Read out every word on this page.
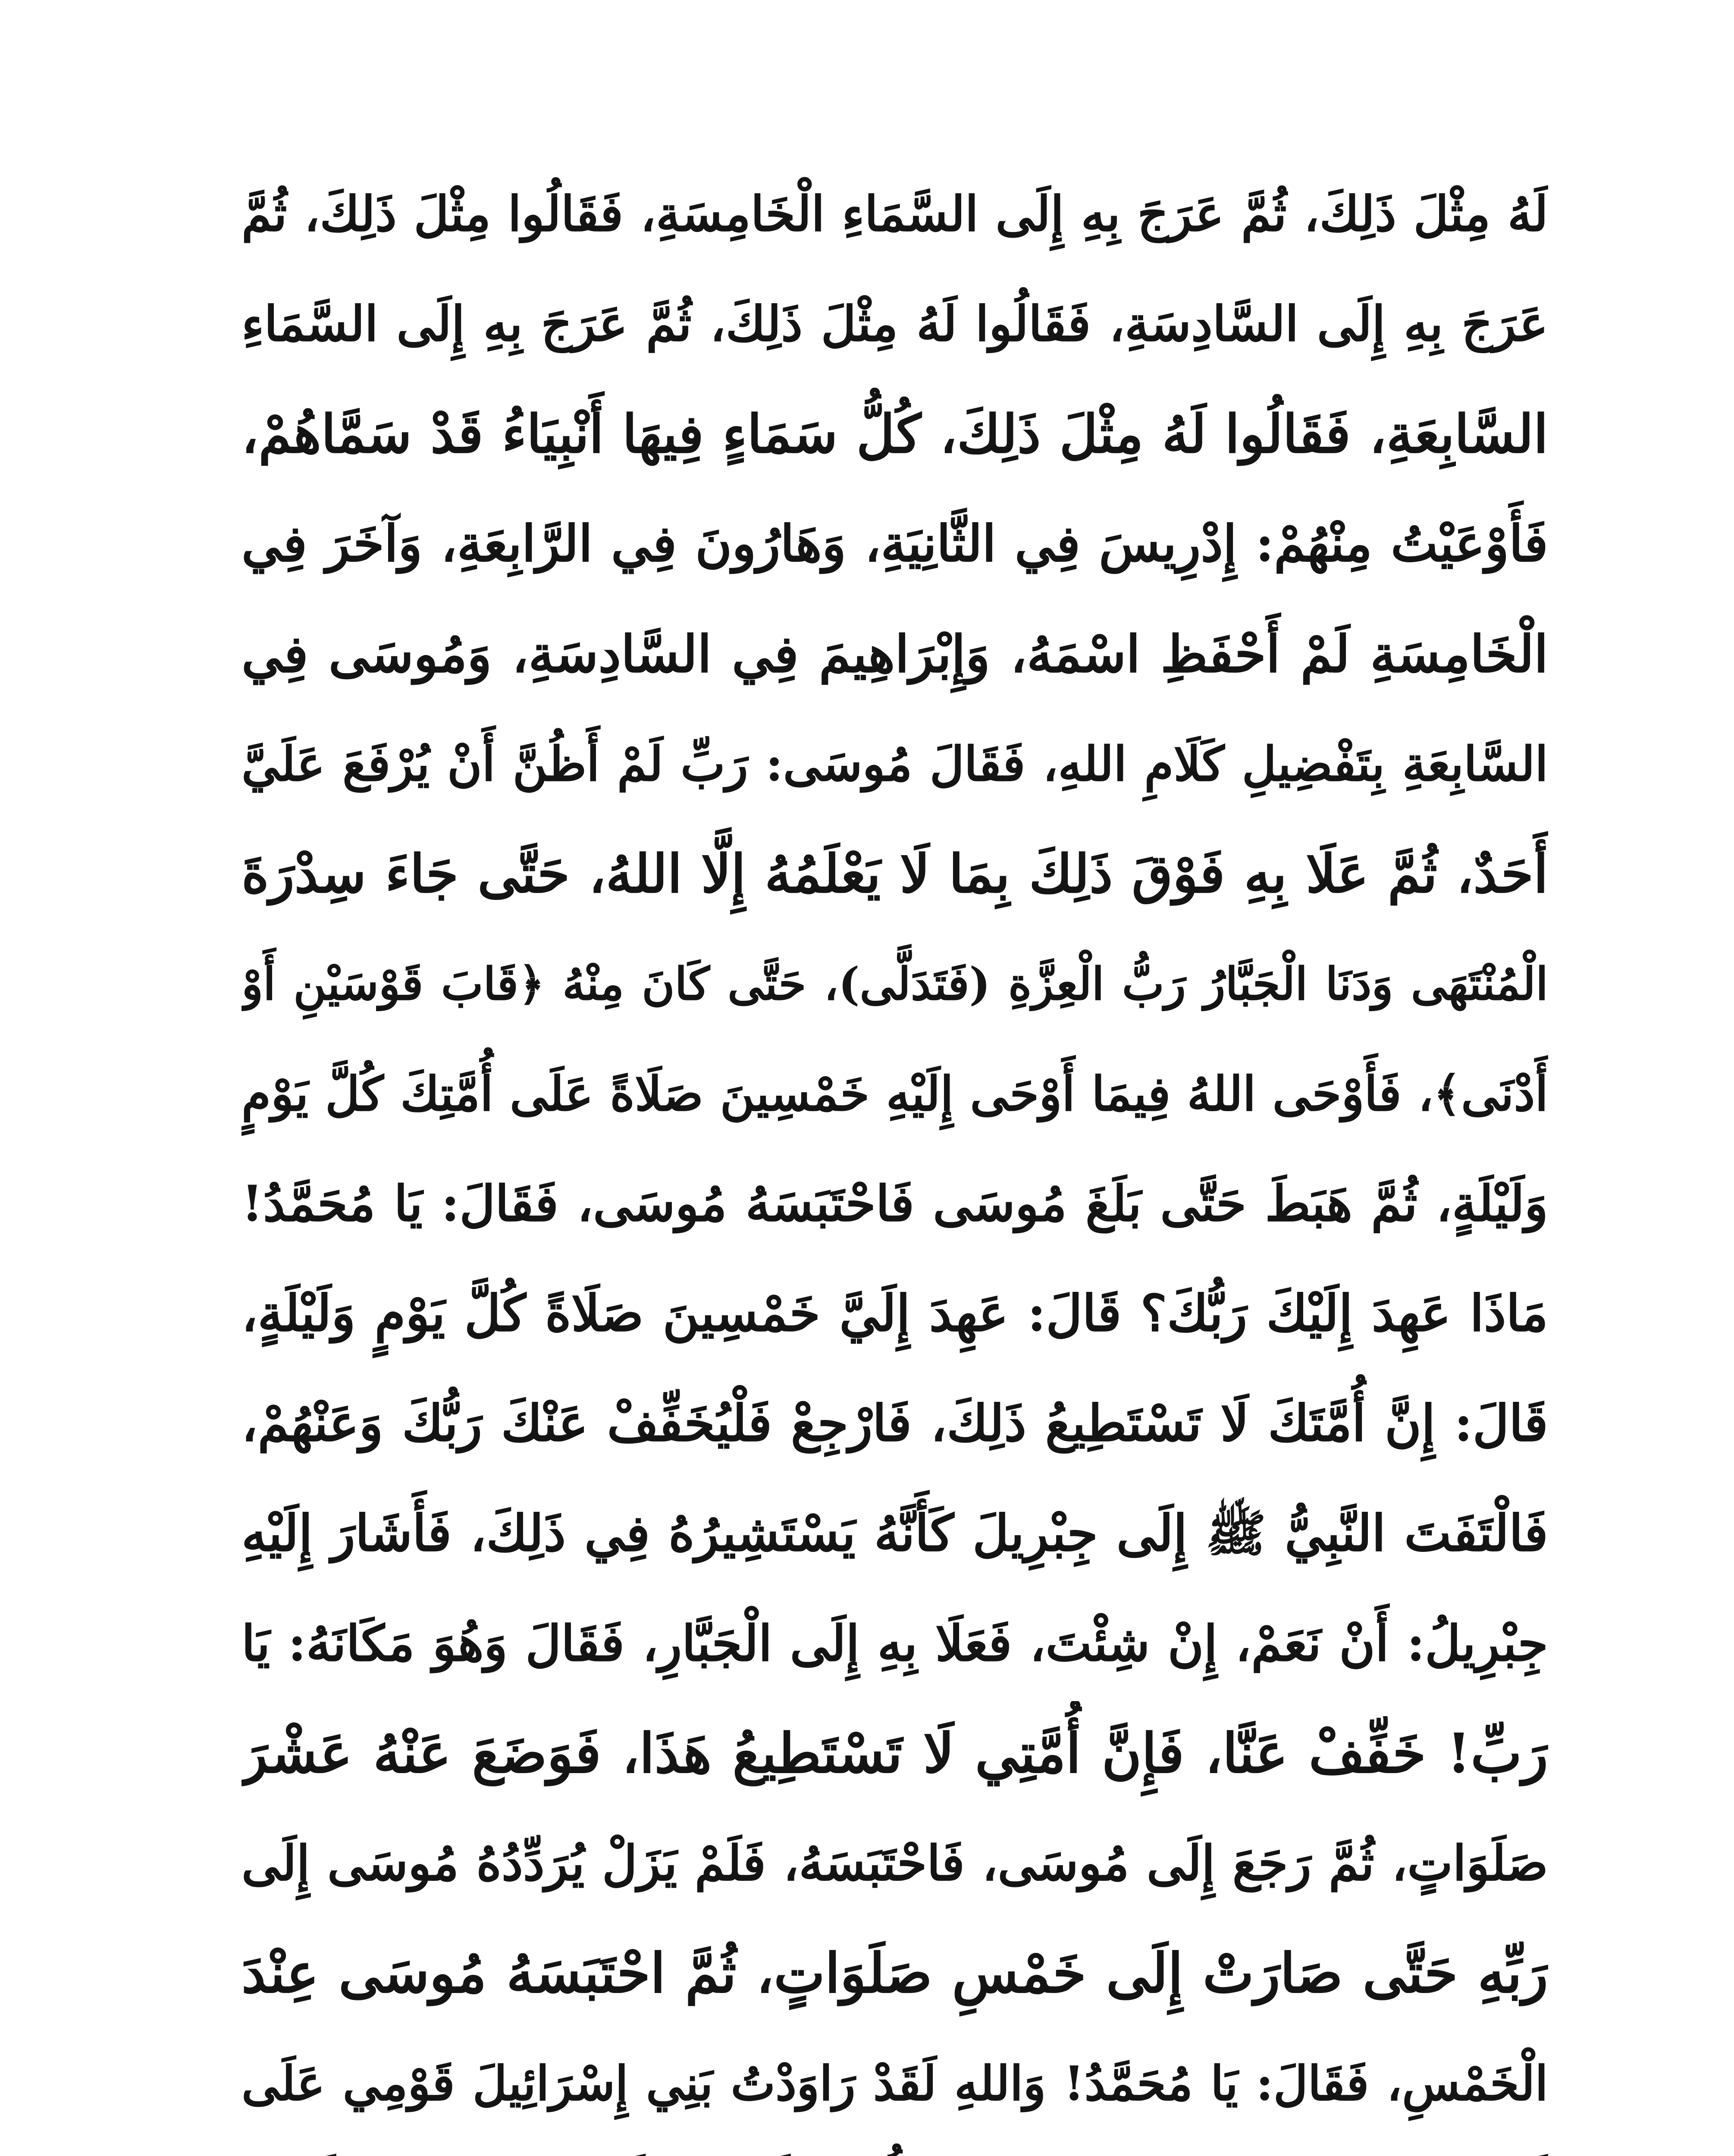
لَهُ مِثْلَ ذَلِكَ، ثُمَّ عَرَجَ بِهِ إِلَى السَّمَاءِ الْخَامِسَةِ، فَقَالُوا مِثْلَ ذَلِكَ، ثُمَّ
عَرَجَ بِهِ إِلَى السَّادِسَةِ، فَقَالُوا لَهُ مِثْلَ ذَلِكَ، ثُمَّ عَرَجَ بِهِ إِلَى السَّمَاءِ
السَّابِعَةِ، فَقَالُوا لَهُ مِثْلَ ذَلِكَ، كُلُّ سَمَاءٍ فِيهَا أَنْبِيَاءُ قَدْ سَمَّاهُمْ،
فَأَوْعَيْتُ مِنْهُمْ: إِدْرِيسَ فِي الثَّانِيَةِ، وَهَارُونَ فِي الرَّابِعَةِ، وَآخَرَ فِي
الْخَامِسَةِ لَمْ أَحْفَظِ اسْمَهُ، وَإِبْرَاهِيمَ فِي السَّادِسَةِ، وَمُوسَى فِي
السَّابِعَةِ بِتَفْضِيلِ كَلَامِ اللهِ، فَقَالَ مُوسَى: رَبِّ لَمْ أَظُنَّ أَنْ يُرْفَعَ عَلَيَّ
أَحَدٌ، ثُمَّ عَلَا بِهِ فَوْقَ ذَلِكَ بِمَا لَا يَعْلَمُهُ إِلَّا اللهُ، حَتَّى جَاءَ سِدْرَةَ
الْمُنْتَهَى وَدَنَا الْجَبَّارُ رَبُّ الْعِزَّةِ (فَتَدَلَّى)، حَتَّى كَانَ مِنْهُ ﴿قَابَ قَوْسَيْنِ أَوْ
أَدْنَى﴾، فَأَوْحَى اللهُ فِيمَا أَوْحَى إِلَيْهِ خَمْسِينَ صَلَاةً عَلَى أُمَّتِكَ كُلَّ يَوْمٍ
وَلَيْلَةٍ، ثُمَّ هَبَطَ حَتَّى بَلَغَ مُوسَى فَاحْتَبَسَهُ مُوسَى، فَقَالَ: يَا مُحَمَّدُ!
مَاذَا عَهِدَ إِلَيْكَ رَبُّكَ؟ قَالَ: عَهِدَ إِلَيَّ خَمْسِينَ صَلَاةً كُلَّ يَوْمٍ وَلَيْلَةٍ،
قَالَ: إِنَّ أُمَّتَكَ لَا تَسْتَطِيعُ ذَلِكَ، فَارْجِعْ فَلْيُخَفِّفْ عَنْكَ رَبُّكَ وَعَنْهُمْ،
فَالْتَفَتَ النَّبِيُّ ﷺ إِلَى جِبْرِيلَ كَأَنَّهُ يَسْتَشِيرُهُ فِي ذَلِكَ، فَأَشَارَ إِلَيْهِ
جِبْرِيلُ: أَنْ نَعَمْ، إِنْ شِئْتَ، فَعَلَا بِهِ إِلَى الْجَبَّارِ، فَقَالَ وَهُوَ مَكَانَهُ: يَا
رَبِّ! خَفِّفْ عَنَّا، فَإِنَّ أُمَّتِي لَا تَسْتَطِيعُ هَذَا، فَوَضَعَ عَنْهُ عَشْرَ
صَلَوَاتٍ، ثُمَّ رَجَعَ إِلَى مُوسَى، فَاحْتَبَسَهُ، فَلَمْ يَزَلْ يُرَدِّدُهُ مُوسَى إِلَى
رَبِّهِ حَتَّى صَارَتْ إِلَى خَمْسِ صَلَوَاتٍ، ثُمَّ احْتَبَسَهُ مُوسَى عِنْدَ
الْخَمْسِ، فَقَالَ: يَا مُحَمَّدُ! وَاللهِ لَقَدْ رَاوَدْتُ بَنِي إِسْرَائِيلَ قَوْمِي عَلَى
